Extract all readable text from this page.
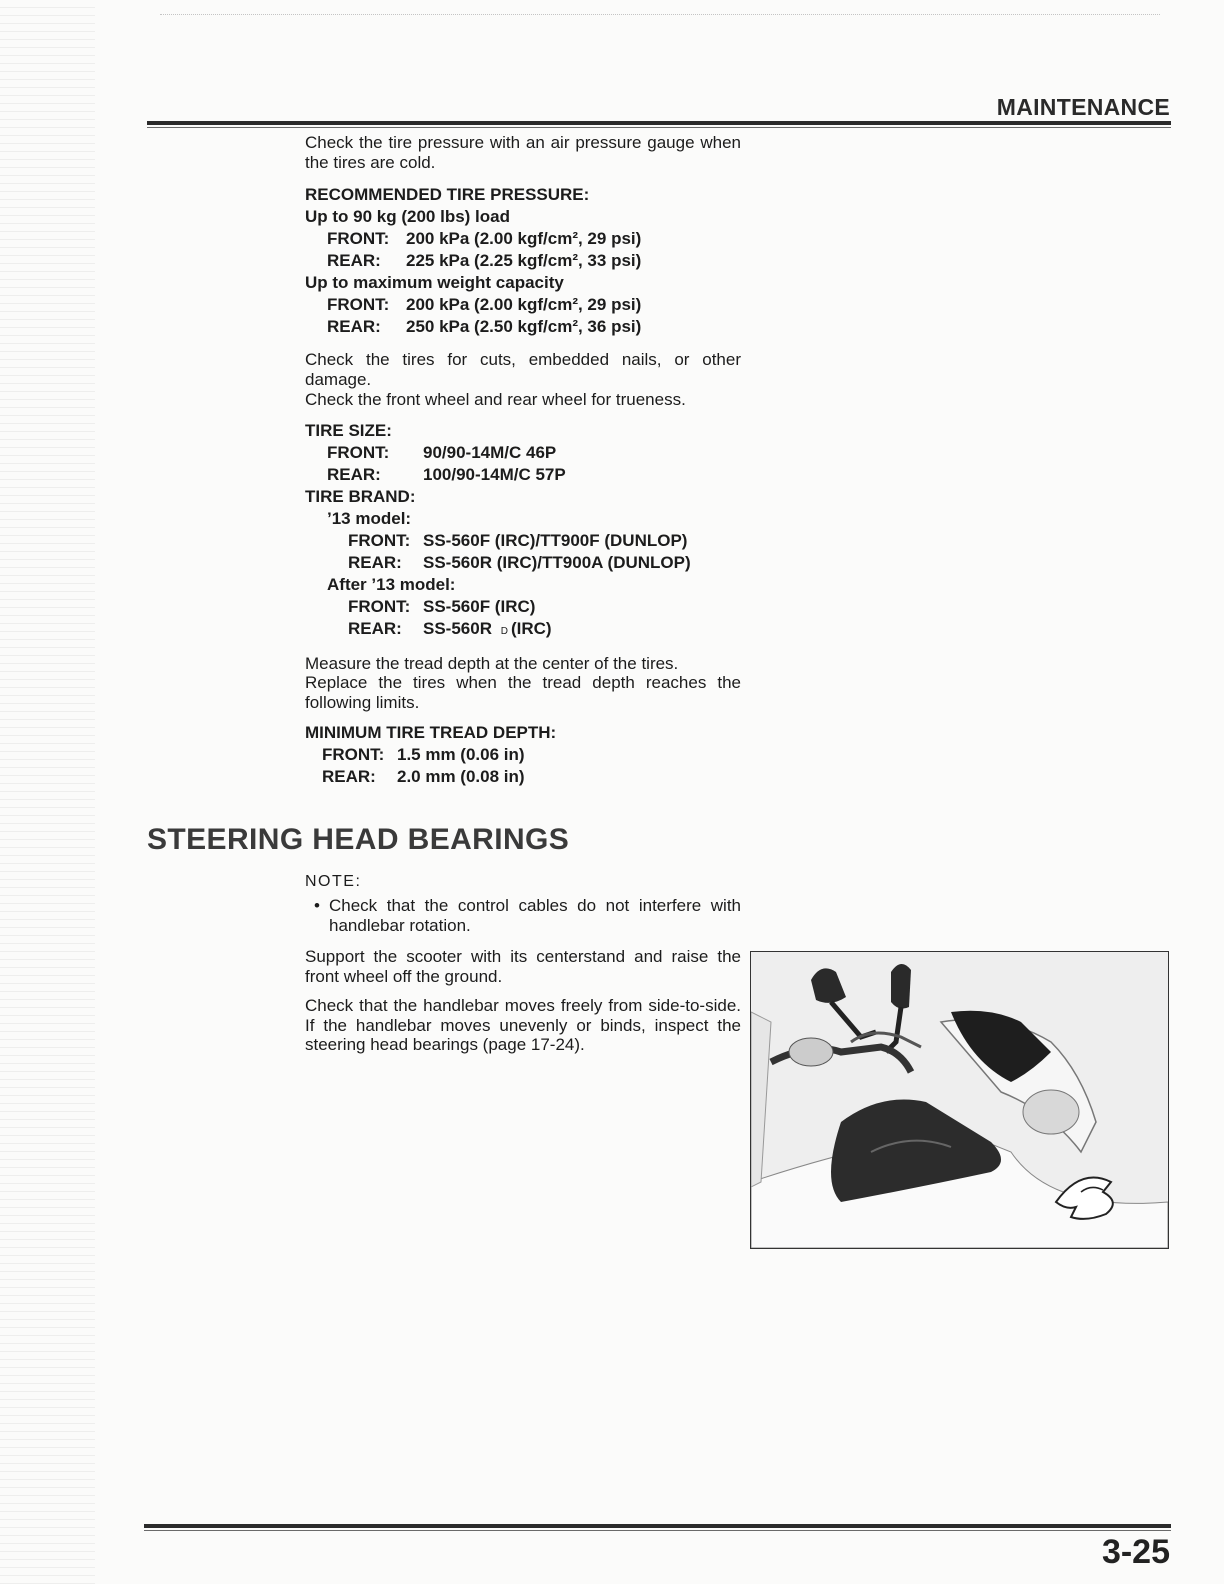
MAINTENANCE

Check the tire pressure with an air pressure gauge when the tires are cold.

RECOMMENDED TIRE PRESSURE:

Up to 90 kg (200 lbs) load

FRONT: 200 kPa (2.00 kgf/cm², 29 psi)
REAR:	225 kPa (2.25 kgf/cm², 33 psi)

Up to maximum weight capacity

FRONT: 200 kPa (2.00 kgf/cm², 29 psi)
REAR:	250 kPa (2.50 kgf/cm², 36 psi)

Check the tires for cuts, embedded nails, or other damage.

Check the front wheel and rear wheel for trueness.

TIRE SIZE:

FRONT:	90/90-14M/C 46P
REAR:	100/90-14M/C 57P

TIRE BRAND:

’13 model:

FRONT: SS-560F (IRC)/TT900F (DUNLOP)
REAR:	SS-560R (IRC)/TT900A (DUNLOP)

After ’13 model:

FRONT: SS-560F (IRC)
REAR:	SS-560R D (IRC)

Measure the tread depth at the center of the tires.

Replace the tires when the tread depth reaches the following limits.

MINIMUM TIRE TREAD DEPTH:

FRONT: 1.5 mm (0.06 in)
REAR:	2.0 mm (0.08 in)
STEERING HEAD BEARINGS

NOTE:

• Check that the control cables do not interfere with handlebar rotation.

Support the scooter with its centerstand and raise the front wheel off the ground.

Check that the handlebar moves freely from side-to-side. If the handlebar moves unevenly or binds, inspect the steering head bearings (page 17-24).

3-25
